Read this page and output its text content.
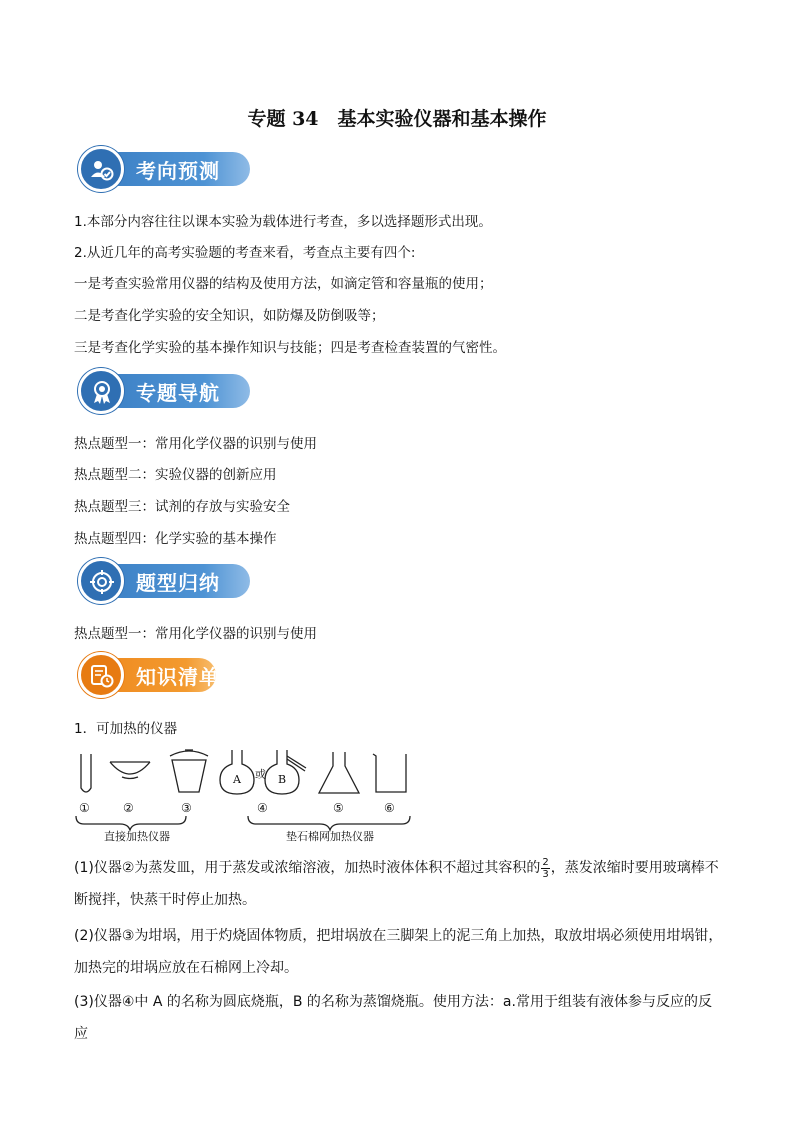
专题 34　基本实验仪器和基本操作
考向预测
1.本部分内容往往以课本实验为载体进行考查，多以选择题形式出现。
2.从近几年的高考实验题的考查来看，考查点主要有四个:
一是考查实验常用仪器的结构及使用方法，如滴定管和容量瓶的使用；
二是考查化学实验的安全知识，如防爆及防倒吸等；
三是考查化学实验的基本操作知识与技能；四是考查检查装置的气密性。
专题导航
热点题型一：常用化学仪器的识别与使用
热点题型二：实验仪器的创新应用
热点题型三：试剂的存放与实验安全
热点题型四：化学实验的基本操作
题型归纳
热点题型一：常用化学仪器的识别与使用
知识清单
1．可加热的仪器
A	B
或
①	②	③	④	⑤	⑥
直接加热仪器	垫石棉网加热仪器
(1)仪器②为蒸发皿，用于蒸发或浓缩溶液，加热时液体体积不超过其容积的 $\frac{2}{3}$ ，蒸发浓缩时要用玻璃棒不断搅拌，快蒸干时停止加热。
(2)仪器③为坩埚，用于灼烧固体物质，把坩埚放在三脚架上的泥三角上加热，取放坩埚必须使用坩埚钳，加热完的坩埚应放在石棉网上冷却。
(3)仪器④中 A 的名称为圆底烧瓶，B 的名称为蒸馏烧瓶。使用方法：a.常用于组装有液体参与反应的反应
